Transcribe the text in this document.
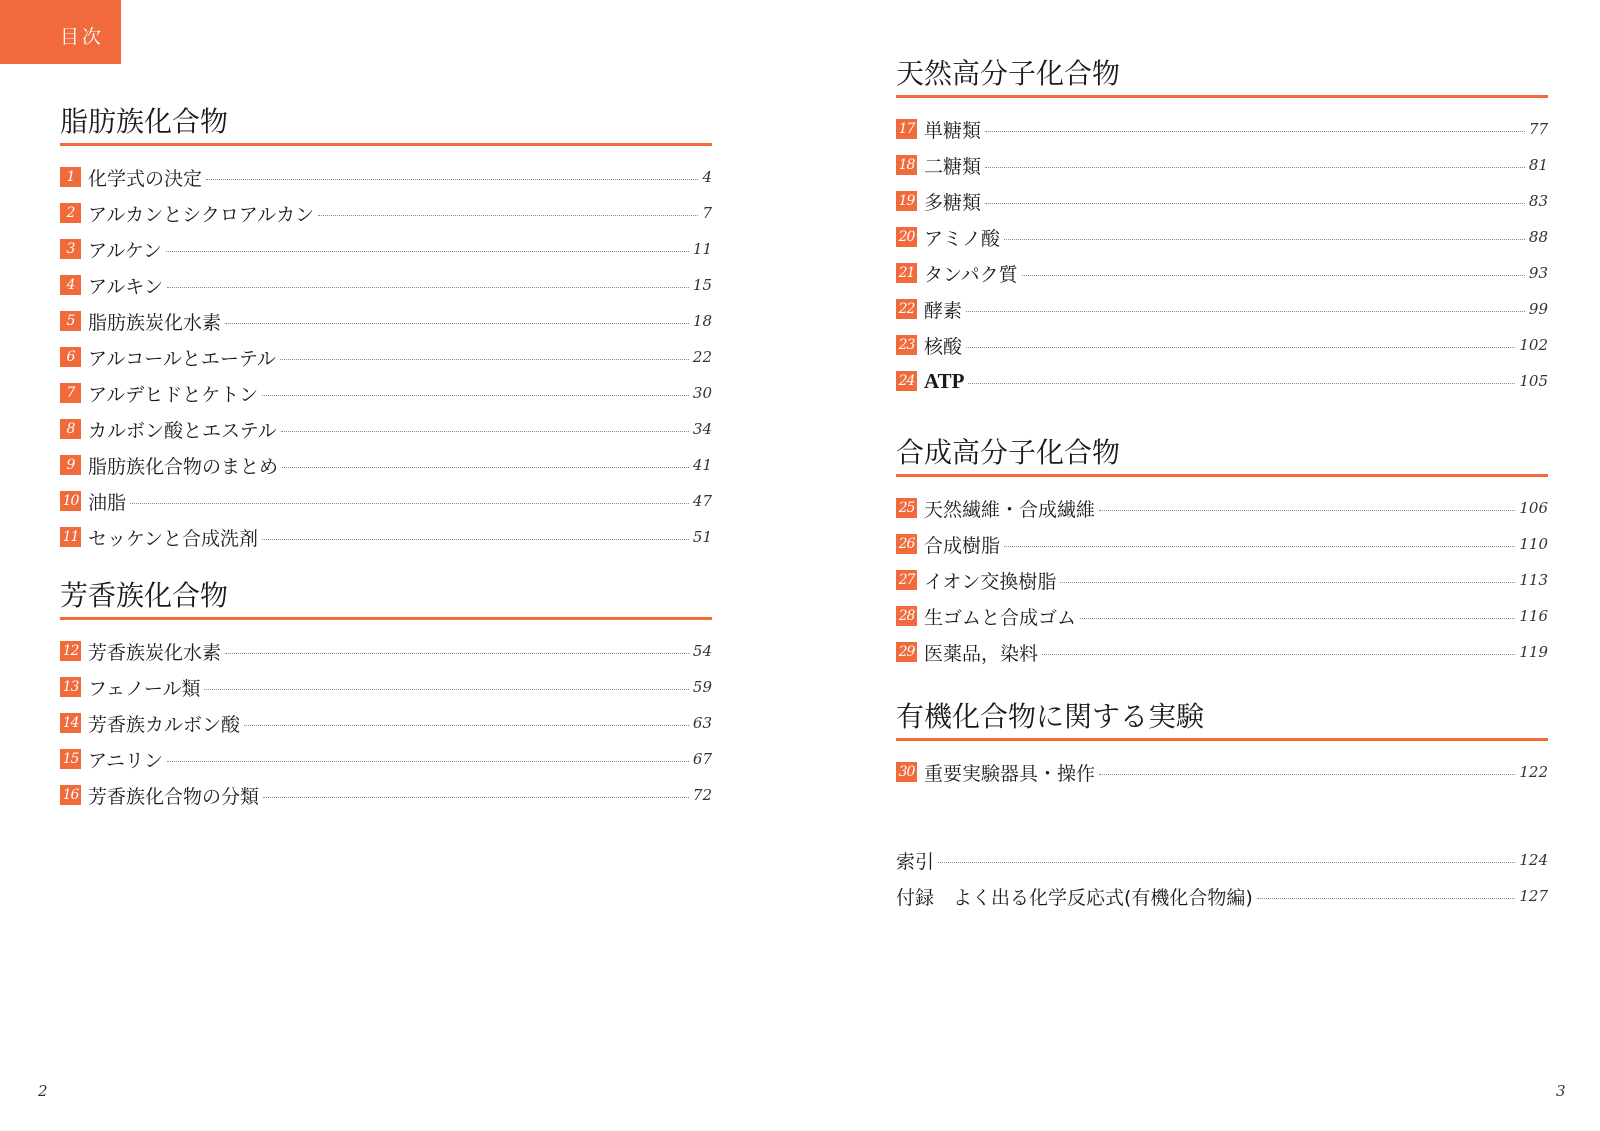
目次
脂肪族化合物
1 化学式の決定	4
2 アルカンとシクロアルカン	7
3 アルケン	11
4 アルキン	15
5 脂肪族炭化水素	18
6 アルコールとエーテル	22
7 アルデヒドとケトン	30
8 カルボン酸とエステル	34
9 脂肪族化合物のまとめ	41
10 油脂	47
11 セッケンと合成洗剤	51
芳香族化合物
12 芳香族炭化水素	54
13 フェノール類	59
14 芳香族カルボン酸	63
15 アニリン	67
16 芳香族化合物の分類	72
2
天然高分子化合物
17 単糖類	77
18 二糖類	81
19 多糖類	83
20 アミノ酸	88
21 タンパク質	93
22 酵素	99
23 核酸	102
24 ATP	105
合成高分子化合物
25 天然繊維・合成繊維	106
26 合成樹脂	110
27 イオン交換樹脂	113
28 生ゴムと合成ゴム	116
29 医薬品，染料	119
有機化合物に関する実験
30 重要実験器具・操作	122
索引	124
付録　よく出る化学反応式(有機化合物編)	127
3
